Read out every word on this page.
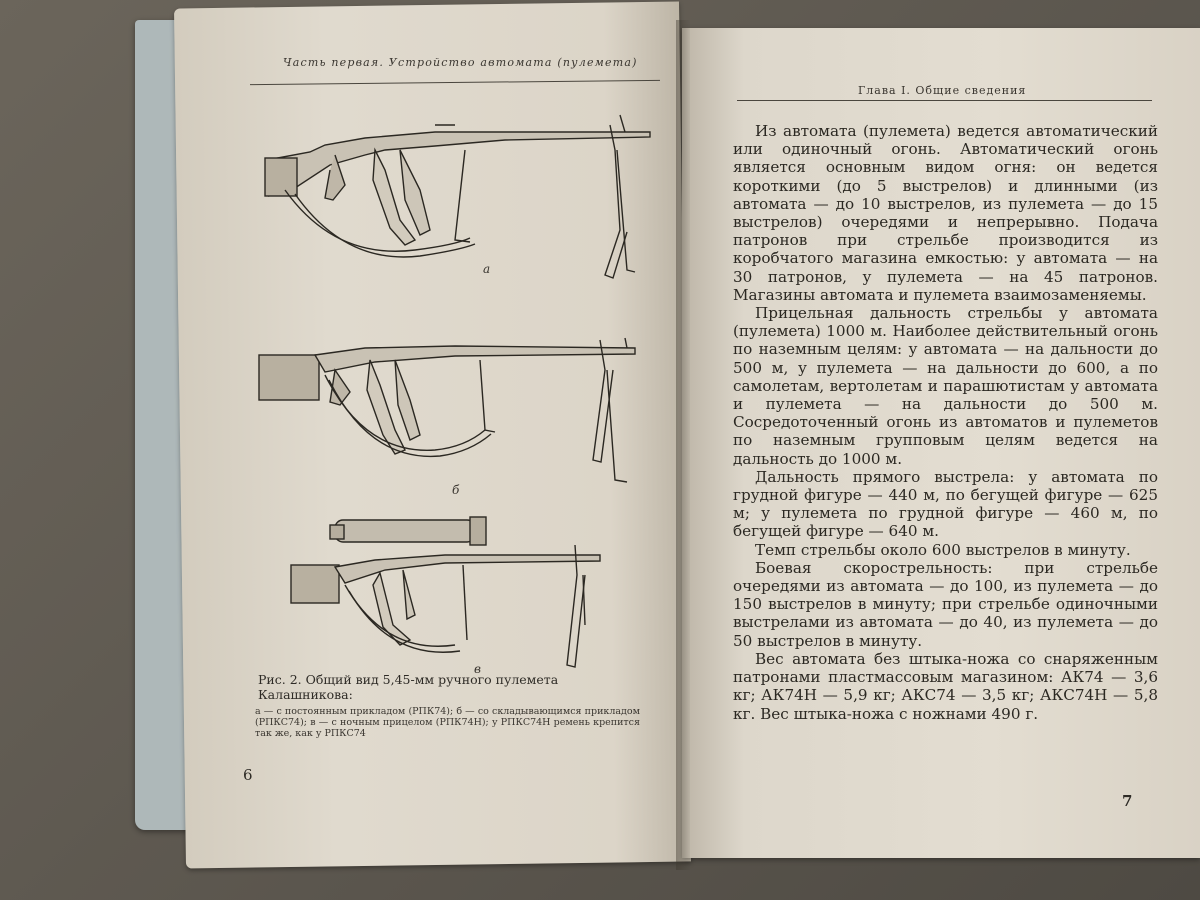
Часть первая. Устройство автомата (пулемета)
а
б
в
Рис. 2. Общий вид 5,45-мм ручного пулемета Калашникова:
а — с постоянным прикладом (РПК74); б — со складывающимся прикладом (РПКС74); в — с ночным прицелом (РПК74Н); у РПКС74Н ремень крепится так же, как у РПКС74
6
Глава I. Общие сведения

Из автомата (пулемета) ведется автоматический или одиночный огонь. Автоматический огонь является основным видом огня: он ведется короткими (до 5 выстрелов) и длинными (из автомата — до 10 выстрелов, из пулемета — до 15 выстрелов) очередями и непрерывно. Подача патронов при стрельбе производится из коробчатого магазина емкостью: у автомата — на 30 патронов, у пулемета — на 45 патронов. Магазины автомата и пулемета взаимозаменяемы.

Прицельная дальность стрельбы у автомата (пулемета) 1000 м. Наиболее действительный огонь по наземным целям: у автомата — на дальности до 500 м, у пулемета — на дальности до 600, а по самолетам, вертолетам и парашютистам у автомата и пулемета — на дальности до 500 м. Сосредоточенный огонь из автоматов и пулеметов по наземным групповым целям ведется на дальность до 1000 м.

Дальность прямого выстрела: у автомата по грудной фигуре — 440 м, по бегущей фигуре — 625 м; у пулемета по грудной фигуре — 460 м, по бегущей фигуре — 640 м.

Темп стрельбы около 600 выстрелов в минуту.

Боевая скорострельность: при стрельбе очередями из автомата — до 100, из пулемета — до 150 выстрелов в минуту; при стрельбе одиночными выстрелами из автомата — до 40, из пулемета — до 50 выстрелов в минуту.

Вес автомата без штыка-ножа со снаряженным патронами пластмассовым магазином: АК74 — 3,6 кг; АК74Н — 5,9 кг; АКС74 — 3,5 кг; АКС74Н — 5,8 кг. Вес штыка-ножа с ножнами 490 г.

7
